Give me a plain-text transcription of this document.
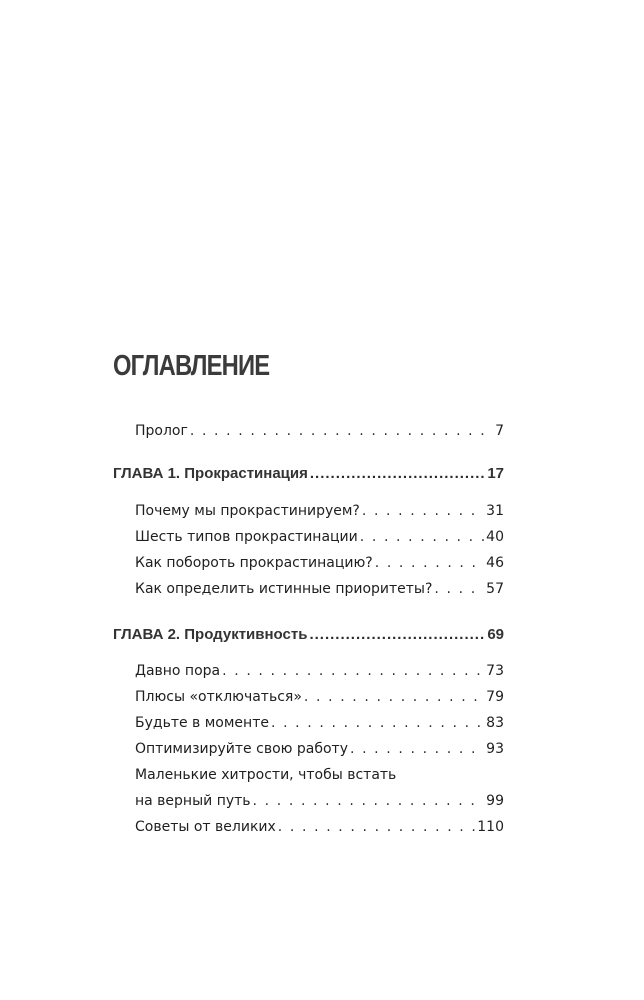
ОГЛАВЛЕНИЕ
Пролог . . .	7
ГЛАВА 1. Прокрастинация .....	17
Почему мы прокрастинируем? . . .	31
Шесть типов прокрастинации . . .	40
Как побороть прокрастинацию? . . .	46
Как определить истинные приоритеты? . . .	57
ГЛАВА 2. Продуктивность .....	69
Давно пора . . .	73
Плюсы «отключаться» . . .	79
Будьте в моменте . . .	83
Оптимизируйте свою работу . . .	93
Маленькие хитрости, чтобы встать
на верный путь . . .	99
Советы от великих . . .	110
